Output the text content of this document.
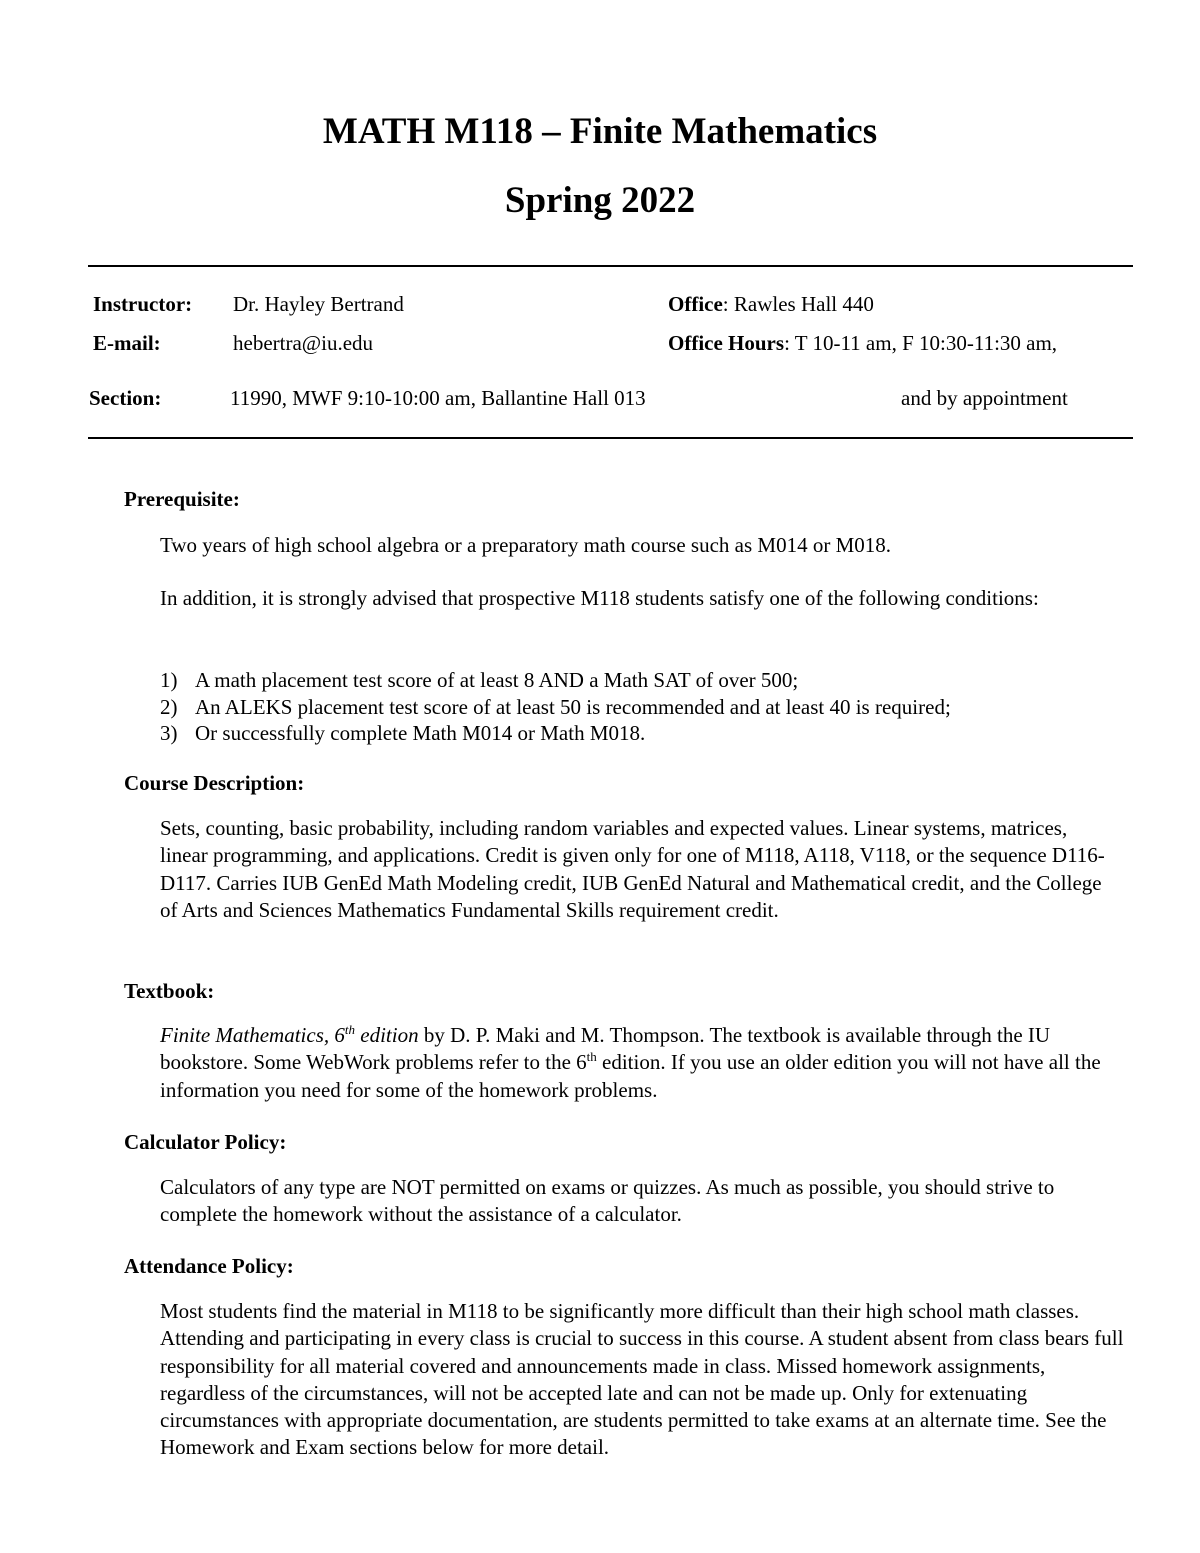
MATH M118 – Finite Mathematics
Spring 2022
Instructor: Dr. Hayley Bertrand
E-mail:	hebertra@iu.edu
Section:	11990, MWF 9:10-10:00 am, Ballantine Hall 013
Office: Rawles Hall 440
Office Hours: T 10-11 am, F 10:30-11:30 am,
and by appointment
Prerequisite:

Two years of high school algebra or a preparatory math course such as M014 or M018.

In addition, it is strongly advised that prospective M118 students satisfy one of the following conditions:

1) A math placement test score of at least 8 AND a Math SAT of over 500;
2) An ALEKS placement test score of at least 50 is recommended and at least 40 is required;
3) Or successfully complete Math M014 or Math M018.
Course Description:

Sets, counting, basic probability, including random variables and expected values. Linear systems, matrices, linear programming, and applications. Credit is given only for one of M118, A118, V118, or the sequence D116-D117. Carries IUB GenEd Math Modeling credit, IUB GenEd Natural and Mathematical credit, and the College of Arts and Sciences Mathematics Fundamental Skills requirement credit.

Textbook:

Finite Mathematics, 6th edition by D. P. Maki and M. Thompson. The textbook is available through the IU bookstore. Some WebWork problems refer to the 6th edition. If you use an older edition you will not have all the information you need for some of the homework problems.

Calculator Policy:

Calculators of any type are NOT permitted on exams or quizzes. As much as possible, you should strive to complete the homework without the assistance of a calculator.

Attendance Policy:

Most students find the material in M118 to be significantly more difficult than their high school math classes. Attending and participating in every class is crucial to success in this course. A student absent from class bears full responsibility for all material covered and announcements made in class. Missed homework assignments, regardless of the circumstances, will not be accepted late and can not be made up. Only for extenuating circumstances with appropriate documentation, are students permitted to take exams at an alternate time. See the Homework and Exam sections below for more detail.
